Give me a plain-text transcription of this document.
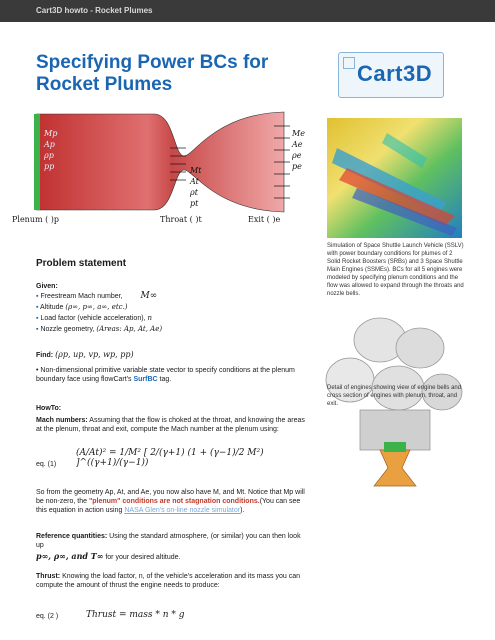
Cart3D howto - Rocket Plumes
Specifying Power BCs for Rocket Plumes	Cart3D
Mp
Ap
ρp
pp	Mt
At
ρt
pt
Me
Ae
ρe
pe
Plenum ( )p	Throat ( )t	Exit ( )e
Simulation of Space Shuttle Launch Vehicle (SSLV) with power boundary conditions for plumes of 2 Solid Rocket Boosters (SRBs) and 3 Space Shuttle Main Engines (SSMEs). BCs for all 5 engines were modeled by specifying plenum conditions and the flow was allowed to expand through the throats and nozzle bells.
Detail of engines showing view of engine bells and cross section of engines with plenum, throat, and exit.
Problem statement
Given:
▪ Freestream Mach number, M∞
▪ Altitude (ρ∞, p∞, a∞, etc.)
▪ Load factor (vehicle acceleration), n
▪ Nozzle geometry, (Areas: Ap, At, Ae)
Find: (ρp, up, vp, wp, pp)
• Non-dimensional primitive variable state vector to specify conditions at the plenum boundary face using flowCart's SurfBC tag.
HowTo:
Mach numbers: Assuming that the flow is choked at the throat, and knowing the areas at the plenum, throat and exit, compute the Mach number at the plenum using:
eq. (1)
(A/At)² = 1/M² [ 2/(γ+1) (1 + (γ−1)/2 M²) ]^((γ+1)/(γ−1))
So from the geometry Ap, At, and Ae, you now also have M, and Mt. Notice that Mp will be non-zero, the "plenum" conditions are not stagnation conditions.(You can see this equation in action using NASA Glen's on-line nozzle simulator).
Reference quantities: Using the standard atmosphere, (or similar) you can then look up
p∞, ρ∞, and T∞ for your desired altitude.
Thrust: Knowing the load factor, n, of the vehicle's acceleration and its mass you can compute the amount of thrust the engine needs to produce:
eq. (2 )	Thrust = mass * n * g
